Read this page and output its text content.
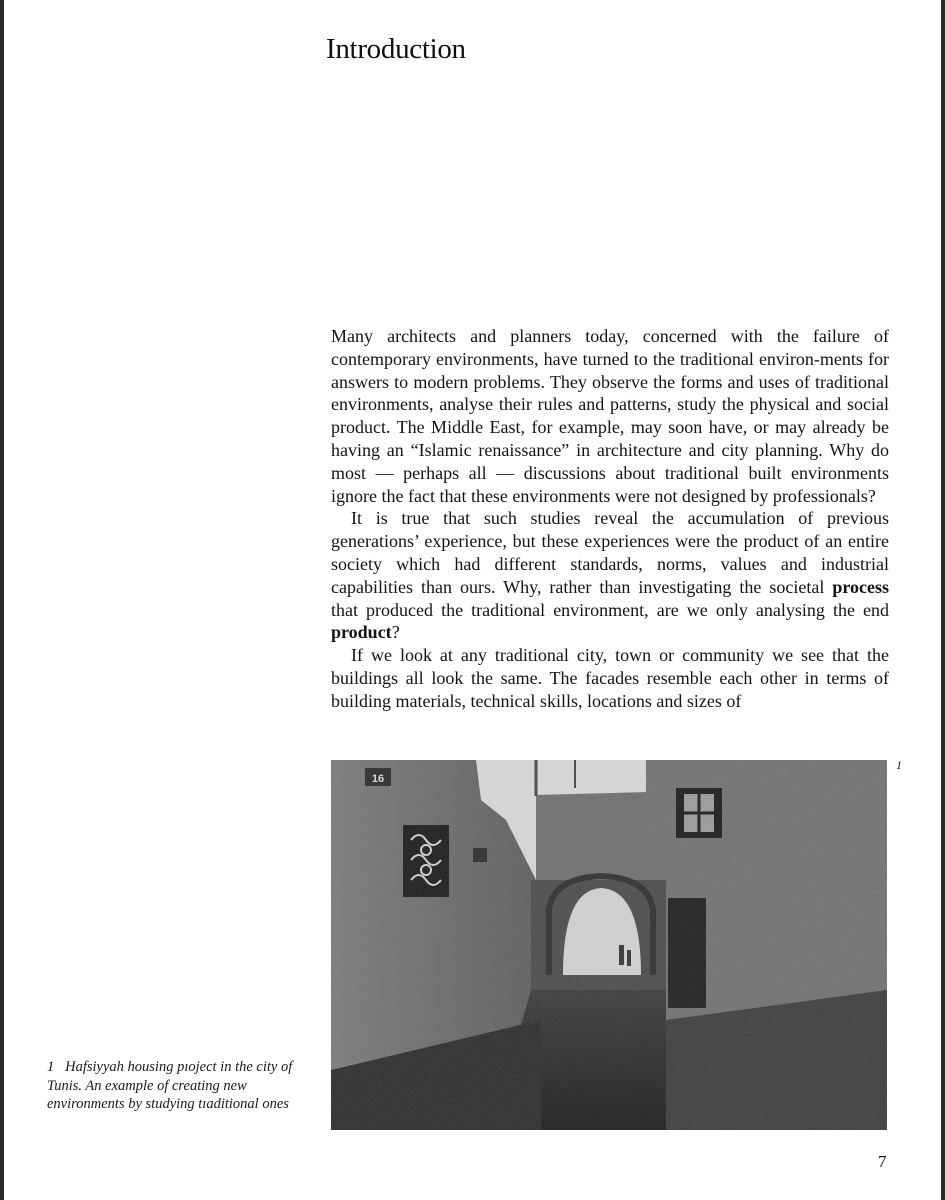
Introduction

Many architects and planners today, concerned with the failure of contemporary environments, have turned to the traditional environ-ments for answers to modern problems. They observe the forms and uses of traditional environments, analyse their rules and patterns, study the physical and social product. The Middle East, for example, may soon have, or may already be having an “Islamic renaissance” in architecture and city planning. Why do most — perhaps all — discussions about traditional built environments ignore the fact that these environments were not designed by professionals?

It is true that such studies reveal the accumulation of previous generations’ experience, but these experiences were the product of an entire society which had different standards, norms, values and industrial capabilities than ours. Why, rather than investigating the societal process that produced the traditional environment, are we only analysing the end product?

If we look at any traditional city, town or community we see that the buildings all look the same. The facades resemble each other in terms of building materials, technical skills, locations and sizes of

1
1 Hafsiyyah housing pıoject in the city of Tunis. An example of creating new environments by studying tıaditional ones
7
